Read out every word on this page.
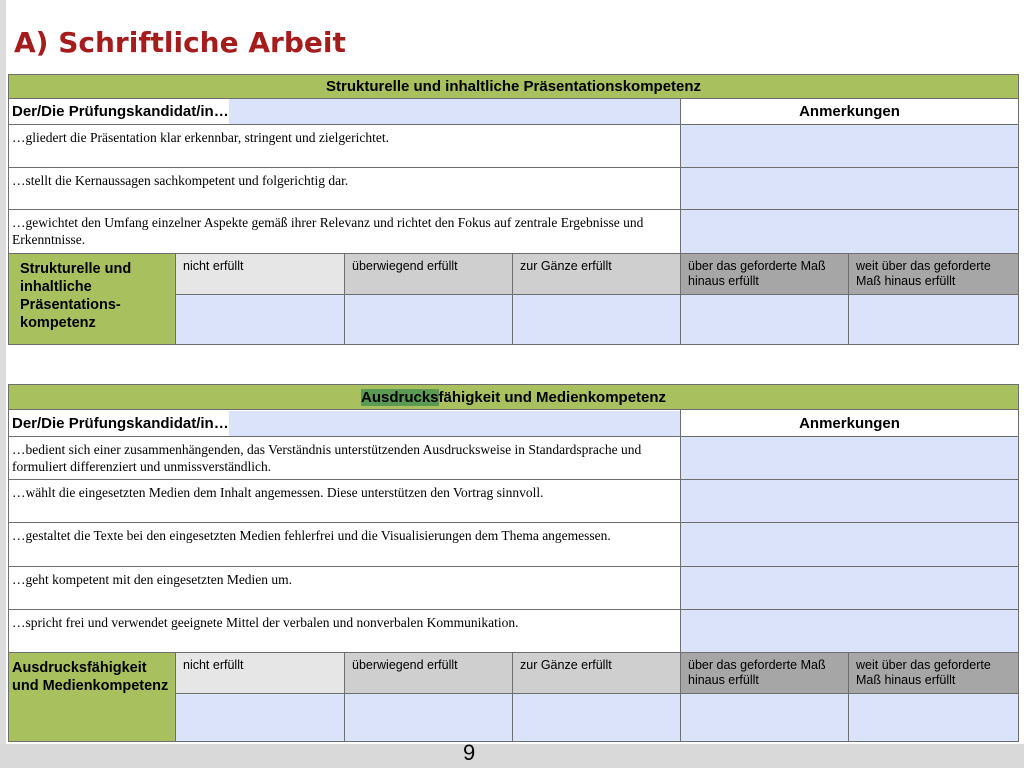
A) Schriftliche Arbeit
Strukturelle und inhaltliche Präsentationskompetenz					

Der/Die Prüfungskandidat/in…				Anmerkungen	
…gliedert die Präsentation klar erkennbar, stringent und zielgerichtet.					
…stellt die Kernaussagen sachkompetent und folgerichtig dar.					
…gewichtet den Umfang einzelner Aspekte gemäß ihrer Relevanz und richtet den Fokus auf zentrale Ergebnisse und Erkenntnisse.					
Strukturelle und inhaltliche Präsentations-kompetenz	nicht erfüllt	überwiegend erfüllt	zur Gänze erfüllt	über das geforderte Maß hinaus erfüllt	weit über das geforderte Maß hinaus erfüllt

Ausdrucksfähigkeit und Medienkompetenz					

Der/Die Prüfungskandidat/in…				Anmerkungen	
…bedient sich einer zusammenhängenden, das Verständnis unterstützenden Ausdrucksweise in Standardsprache und formuliert differenziert und unmissverständlich.					
…wählt die eingesetzten Medien dem Inhalt angemessen. Diese unterstützen den Vortrag sinnvoll.					
…gestaltet die Texte bei den eingesetzten Medien fehlerfrei und die Visualisierungen dem Thema angemessen.					
…geht kompetent mit den eingesetzten Medien um.					
…spricht frei und verwendet geeignete Mittel der verbalen und nonverbalen Kommunikation.					
Ausdrucksfähigkeit und Medienkompetenz	nicht erfüllt	überwiegend erfüllt	zur Gänze erfüllt	über das geforderte Maß hinaus erfüllt	weit über das geforderte Maß hinaus erfüllt

9
